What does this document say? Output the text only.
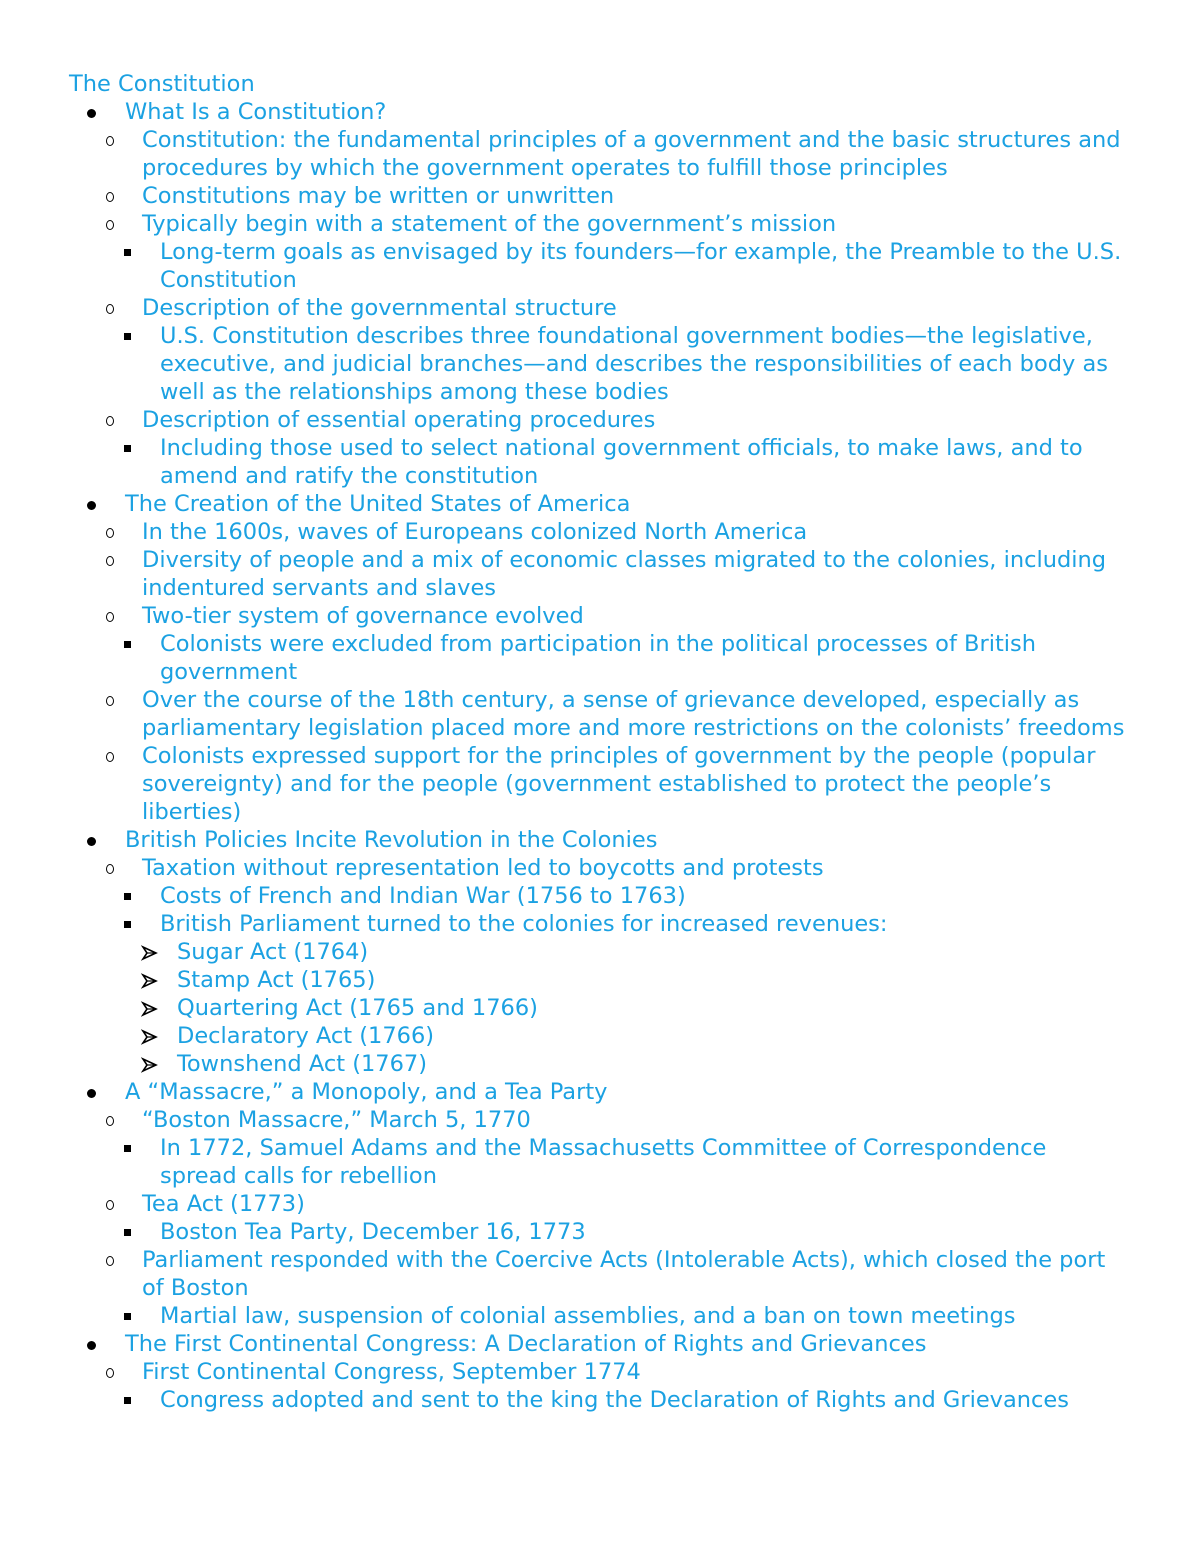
The Constitution
What Is a Constitution?
Constitution: the fundamental principles of a government and the basic structures and procedures by which the government operates to fulfill those principles
Constitutions may be written or unwritten
Typically begin with a statement of the government’s mission
Long-term goals as envisaged by its founders—for example, the Preamble to the U.S. Constitution
Description of the governmental structure
U.S. Constitution describes three foundational government bodies—the legislative, executive, and judicial branches—and describes the responsibilities of each body as well as the relationships among these bodies
Description of essential operating procedures
Including those used to select national government officials, to make laws, and to amend and ratify the constitution
The Creation of the United States of America
In the 1600s, waves of Europeans colonized North America
Diversity of people and a mix of economic classes migrated to the colonies, including indentured servants and slaves
Two-tier system of governance evolved
Colonists were excluded from participation in the political processes of British government
Over the course of the 18th century, a sense of grievance developed, especially as parliamentary legislation placed more and more restrictions on the colonists’ freedoms
Colonists expressed support for the principles of government by the people (popular sovereignty) and for the people (government established to protect the people’s liberties)
British Policies Incite Revolution in the Colonies
Taxation without representation led to boycotts and protests
Costs of French and Indian War (1756 to 1763)
British Parliament turned to the colonies for increased revenues:
Sugar Act (1764)
Stamp Act (1765)
Quartering Act (1765 and 1766)
Declaratory Act (1766)
Townshend Act (1767)
A “Massacre,” a Monopoly, and a Tea Party
“Boston Massacre,” March 5, 1770
In 1772, Samuel Adams and the Massachusetts Committee of Correspondence spread calls for rebellion
Tea Act (1773)
Boston Tea Party, December 16, 1773
Parliament responded with the Coercive Acts (Intolerable Acts), which closed the port of Boston
Martial law, suspension of colonial assemblies, and a ban on town meetings
The First Continental Congress: A Declaration of Rights and Grievances
First Continental Congress, September 1774
Congress adopted and sent to the king the Declaration of Rights and Grievances
